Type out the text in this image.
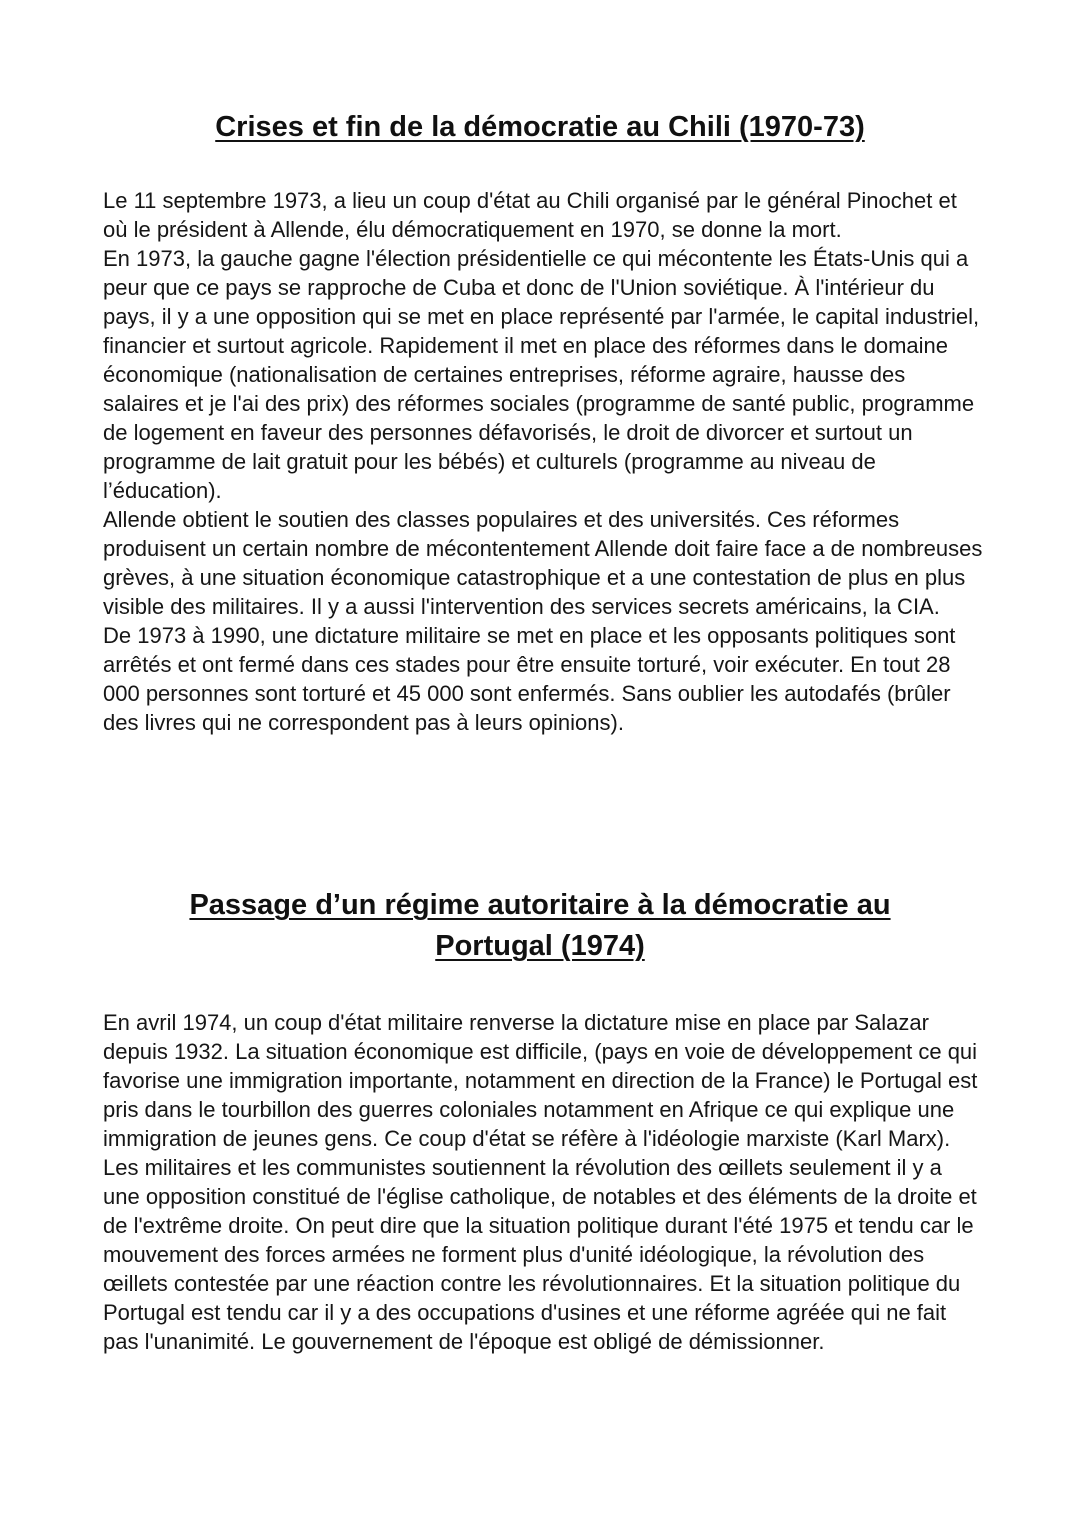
Crises et fin de la démocratie au Chili (1970-73)

Le 11 septembre 1973, a lieu un coup d'état au Chili organisé par le général Pinochet et où le président à Allende, élu démocratiquement en 1970, se donne la mort.

En 1973, la gauche gagne l'élection présidentielle ce qui mécontente les États-Unis qui a peur que ce pays se rapproche de Cuba et donc de l'Union soviétique. À l'intérieur du pays, il y a une opposition qui se met en place représenté par l'armée, le capital industriel, financier et surtout agricole. Rapidement il met en place des réformes dans le domaine économique (nationalisation de certaines entreprises, réforme agraire, hausse des salaires et je l'ai des prix) des réformes sociales (programme de santé public, programme de logement en faveur des personnes défavorisés, le droit de divorcer et surtout un programme de lait gratuit pour les bébés) et culturels (programme au niveau de l’éducation).

Allende obtient le soutien des classes populaires et des universités. Ces réformes produisent un certain nombre de mécontentement Allende doit faire face a de nombreuses grèves, à une situation économique catastrophique et a une contestation de plus en plus visible des militaires. Il y a aussi l'intervention des services secrets américains, la CIA.

De 1973 à 1990, une dictature militaire se met en place et les opposants politiques sont arrêtés et ont fermé dans ces stades pour être ensuite torturé, voir exécuter. En tout 28 000 personnes sont torturé et 45 000 sont enfermés. Sans oublier les autodafés (brûler des livres qui ne correspondent pas à leurs opinions).

Passage d’un régime autoritaire à la démocratie au
Portugal (1974)

En avril 1974, un coup d'état militaire renverse la dictature mise en place par Salazar depuis 1932. La situation économique est difficile, (pays en voie de développement ce qui favorise une immigration importante, notamment en direction de la France) le Portugal est pris dans le tourbillon des guerres coloniales notamment en Afrique ce qui explique une immigration de jeunes gens. Ce coup d'état se réfère à l'idéologie marxiste (Karl Marx). Les militaires et les communistes soutiennent la révolution des œillets seulement il y a une opposition constitué de l'église catholique, de notables et des éléments de la droite et de l'extrême droite. On peut dire que la situation politique durant l'été 1975 et tendu car le mouvement des forces armées ne forment plus d'unité idéologique, la révolution des œillets contestée par une réaction contre les révolutionnaires. Et la situation politique du Portugal est tendu car il y a des occupations d'usines et une réforme agréée qui ne fait pas l'unanimité. Le gouvernement de l'époque est obligé de démissionner.
